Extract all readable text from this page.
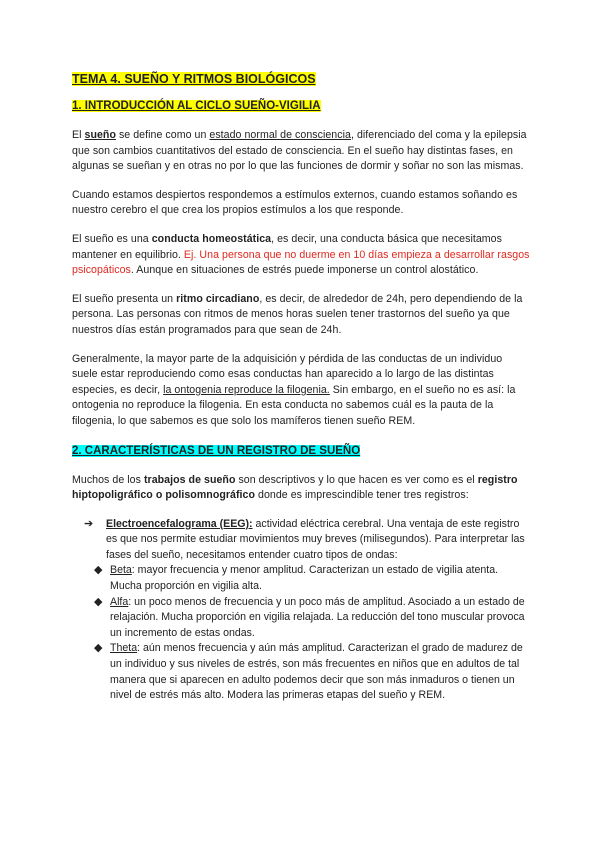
TEMA 4. SUEÑO Y RITMOS BIOLÓGICOS
1. INTRODUCCIÓN AL CICLO SUEÑO-VIGILIA

El sueño se define como un estado normal de consciencia, diferenciado del coma y la epilepsia que son cambios cuantitativos del estado de consciencia. En el sueño hay distintas fases, en algunas se sueñan y en otras no por lo que las funciones de dormir y soñar no son las mismas.

Cuando estamos despiertos respondemos a estímulos externos, cuando estamos soñando es nuestro cerebro el que crea los propios estímulos a los que responde.

El sueño es una conducta homeostática, es decir, una conducta básica que necesitamos mantener en equilibrio. Ej. Una persona que no duerme en 10 días empieza a desarrollar rasgos psicopáticos. Aunque en situaciones de estrés puede imponerse un control alostático.

El sueño presenta un ritmo circadiano, es decir, de alrededor de 24h, pero dependiendo de la persona. Las personas con ritmos de menos horas suelen tener trastornos del sueño ya que nuestros días están programados para que sean de 24h.

Generalmente, la mayor parte de la adquisición y pérdida de las conductas de un individuo suele estar reproduciendo como esas conductas han aparecido a lo largo de las distintas especies, es decir, la ontogenia reproduce la filogenia. Sin embargo, en el sueño no es así: la ontogenia no reproduce la filogenia. En esta conducta no sabemos cuál es la pauta de la filogenia, lo que sabemos es que solo los mamíferos tienen sueño REM.

2. CARACTERÍSTICAS DE UN REGISTRO DE SUEÑO

Muchos de los trabajos de sueño son descriptivos y lo que hacen es ver como es el registro hiptopoligráfico o polisomnográfico donde es imprescindible tener tres registros:

➔ Electroencefalograma (EEG): actividad eléctrica cerebral. Una ventaja de este registro es que nos permite estudiar movimientos muy breves (milisegundos). Para interpretar las fases del sueño, necesitamos entender cuatro tipos de ondas:
◆ Beta: mayor frecuencia y menor amplitud. Caracterizan un estado de vigilia atenta. Mucha proporción en vigilia alta.
◆ Alfa: un poco menos de frecuencia y un poco más de amplitud. Asociado a un estado de relajación. Mucha proporción en vigilia relajada. La reducción del tono muscular provoca un incremento de estas ondas.
◆ Theta: aún menos frecuencia y aún más amplitud. Caracterizan el grado de madurez de un individuo y sus niveles de estrés, son más frecuentes en niños que en adultos de tal manera que si aparecen en adulto podemos decir que son más inmaduros o tienen un nivel de estrés más alto. Modera las primeras etapas del sueño y REM.
